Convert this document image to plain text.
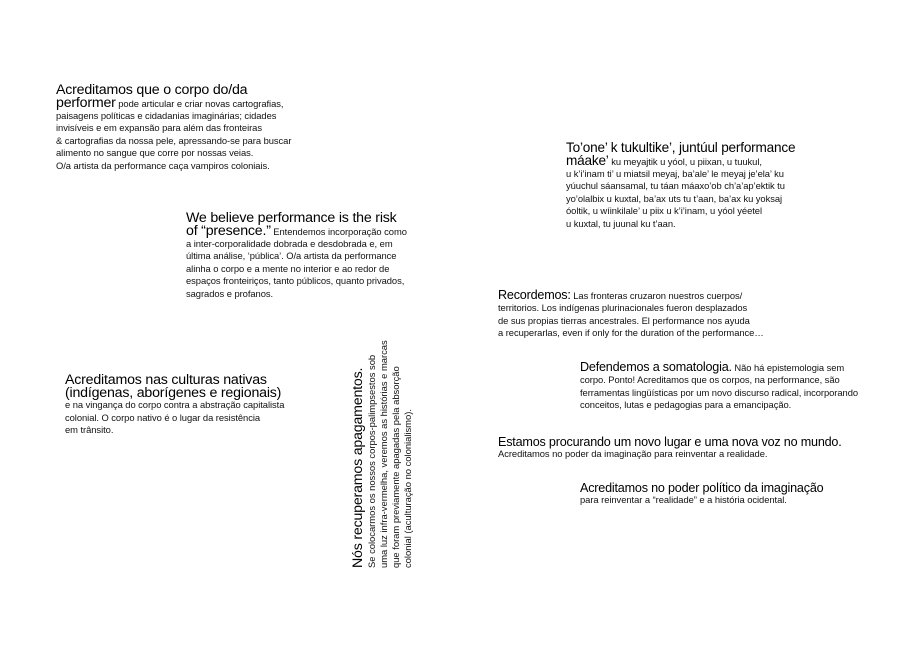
Acreditamos que o corpo do/da
performer pode articular e criar novas cartografias,
paisagens políticas e cidadanias imaginárias; cidades
invisíveis e em expansão para além das fronteiras
& cartografias da nossa pele, apressando-se para buscar
alimento no sangue que corre por nossas veias.
O/a artista da performance caça vampiros coloniais.
To’one’ k tukultike’, juntúul performance
máake’ ku meyajtik u yóol, u piixan, u tuukul,
u k’i’inam ti’ u miatsil meyaj, ba’ale’ le meyaj je’ela’ ku
yúuchul sáansamal, tu táan máaxo’ob ch’a’ap’ektik tu
yo’olalbix u kuxtal, ba’ax uts tu t’aan, ba’ax ku yoksaj
óoltik, u wíinkilale’ u piix u k’i’inam, u yóol yéetel
u kuxtal, tu juunal ku t’aan.
We believe performance is the risk
of “presence.” Entendemos incorporação como
a inter-corporalidade dobrada e desdobrada e, em
última análise, ‘pública’. O/a artista da performance
alinha o corpo e a mente no interior e ao redor de
espaços fronteiriços, tanto públicos, quanto privados,
sagrados e profanos.	Recordemos: Las fronteras cruzaron nuestros cuerpos/
territorios. Los indígenas plurinacionales fueron desplazados
de sus propias tierras ancestrales. El performance nos ayuda
a recuperarlas, even if only for the duration of the performance…
Defendemos a somatologia. Não há epistemologia sem
corpo. Ponto! Acreditamos que os corpos, na performance, são
ferramentas lingüísticas por um novo discurso radical, incorporando
conceitos, lutas e pedagogias para a emancipação.
Acreditamos nas culturas nativas
(indígenas, aborígenes e regionais)
e na vingança do corpo contra a abstração capitalista
colonial. O corpo nativo é o lugar da resistência
em trânsito.	Nós recuperamos apagamentos. Se colocarmos os nossos corpos-palimpsestos sob uma luz infra-vermelha, veremos as histórias e marcas que foram previamente apagadas pela absorção colonial (aculturação no colonialismo).	Estamos procurando um novo lugar e uma nova voz no mundo.
Acreditamos no poder da imaginação para reinventar a realidade.
Acreditamos no poder político da imaginação
para reinventar a “realidade” e a história ocidental.
